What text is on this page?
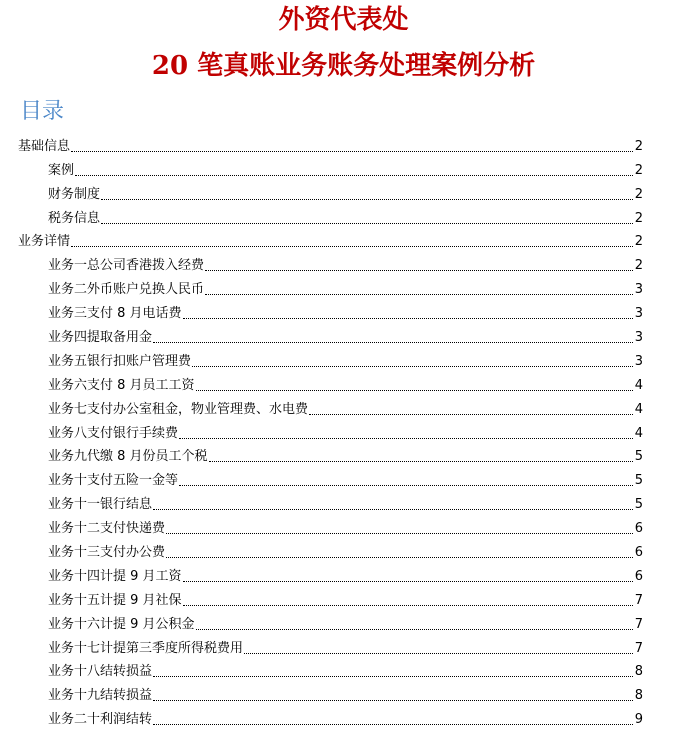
外资代表处
20 笔真账业务账务处理案例分析
目录
基础信息	2
案例	2
财务制度	2
税务信息	2
业务详情	2
业务一总公司香港拨入经费	2
业务二外币账户兑换人民币	3
业务三支付 8 月电话费	3
业务四提取备用金	3
业务五银行扣账户管理费	3
业务六支付 8 月员工工资	4
业务七支付办公室租金，物业管理费、水电费	4
业务八支付银行手续费	4
业务九代缴 8 月份员工个税	5
业务十支付五险一金等	5
业务十一银行结息	5
业务十二支付快递费	6
业务十三支付办公费	6
业务十四计提 9 月工资	6
业务十五计提 9 月社保	7
业务十六计提 9 月公积金	7
业务十七计提第三季度所得税费用	7
业务十八结转损益	8
业务十九结转损益	8
业务二十利润结转	9
